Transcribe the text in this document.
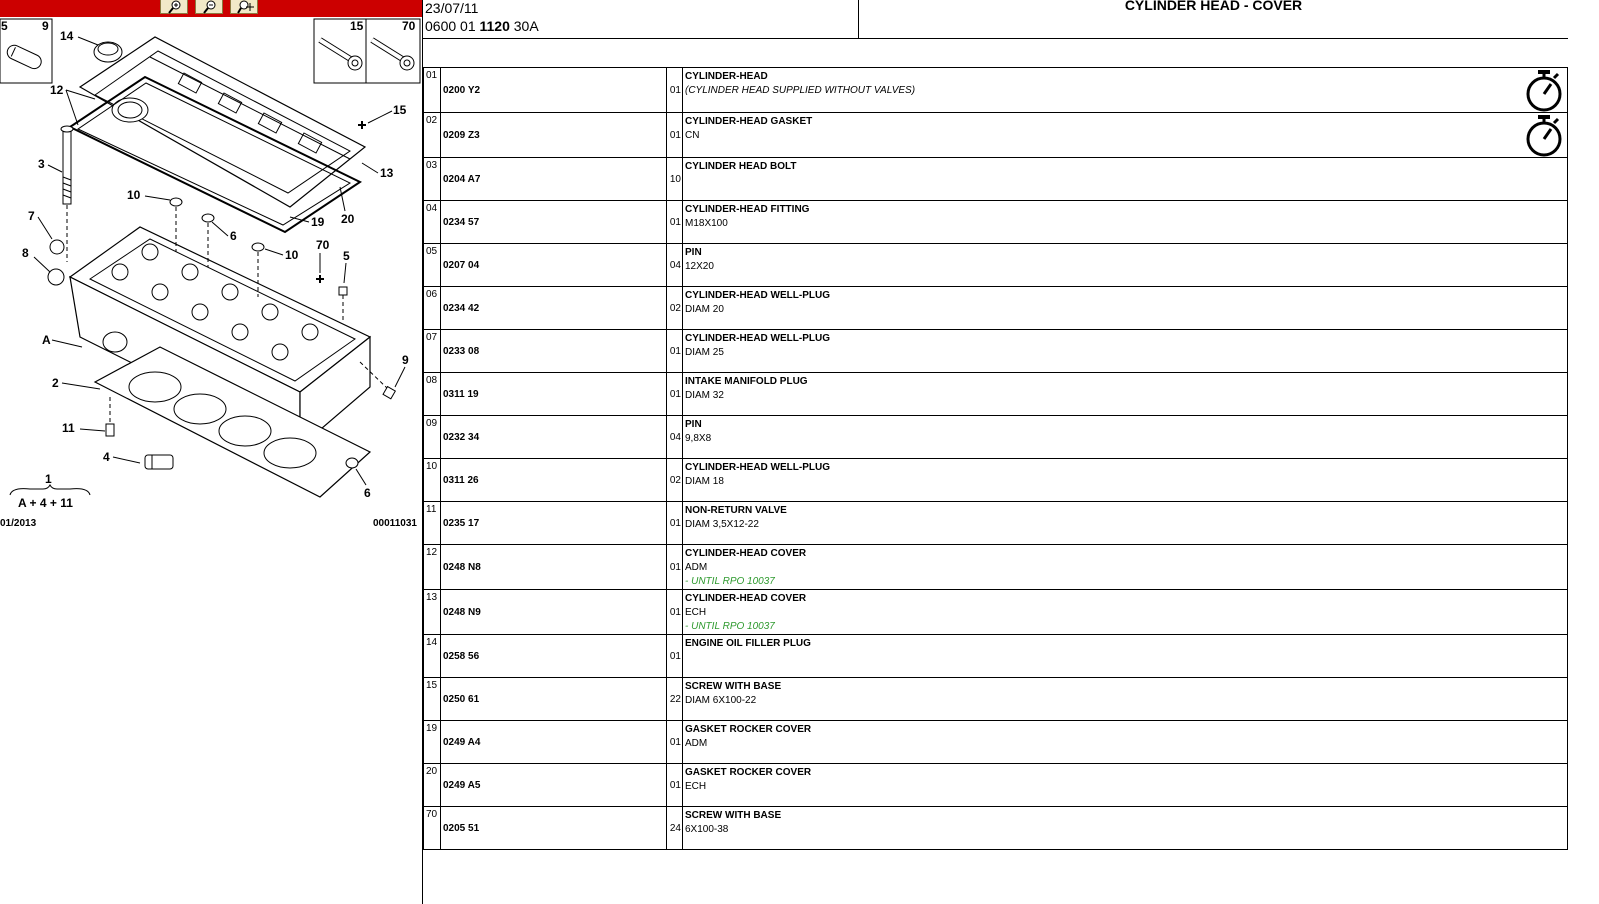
5	9	15	70
14
12
15
3
13
10
6
19 20
7
8
70
10	5
A
9
2
11
4
6
1
A + 4 + 11
01/2013	00011031
23/07/11
0600 01 1120 30A
CYLINDER HEAD - COVER
01	0200 Y2	01	CYLINDER-HEAD
(CYLINDER HEAD SUPPLIED WITHOUT VALVES)

02	0209 Z3	01	CYLINDER-HEAD GASKET
CN

03	0204 A7	10	CYLINDER HEAD BOLT

04	0234 57	01	CYLINDER-HEAD FITTING
M18X100

05	0207 04	04	PIN
12X20

06	0234 42	02	CYLINDER-HEAD WELL-PLUG
DIAM 20

07	0233 08	01	CYLINDER-HEAD WELL-PLUG
DIAM 25

08	0311 19	01	INTAKE MANIFOLD PLUG
DIAM 32

09	0232 34	04	PIN
9,8X8

10	0311 26	02	CYLINDER-HEAD WELL-PLUG
DIAM 18

11	0235 17	01	NON-RETURN VALVE
DIAM 3,5X12-22

12	0248 N8	01	CYLINDER-HEAD COVER
ADM
- UNTIL RPO 10037

13	0248 N9	01	CYLINDER-HEAD COVER
ECH
- UNTIL RPO 10037

14	0258 56	01	ENGINE OIL FILLER PLUG

15	0250 61	22	SCREW WITH BASE
DIAM 6X100-22

19	0249 A4	01	GASKET ROCKER COVER
ADM

20	0249 A5	01	GASKET ROCKER COVER
ECH

70	0205 51	24	SCREW WITH BASE
6X100-38
